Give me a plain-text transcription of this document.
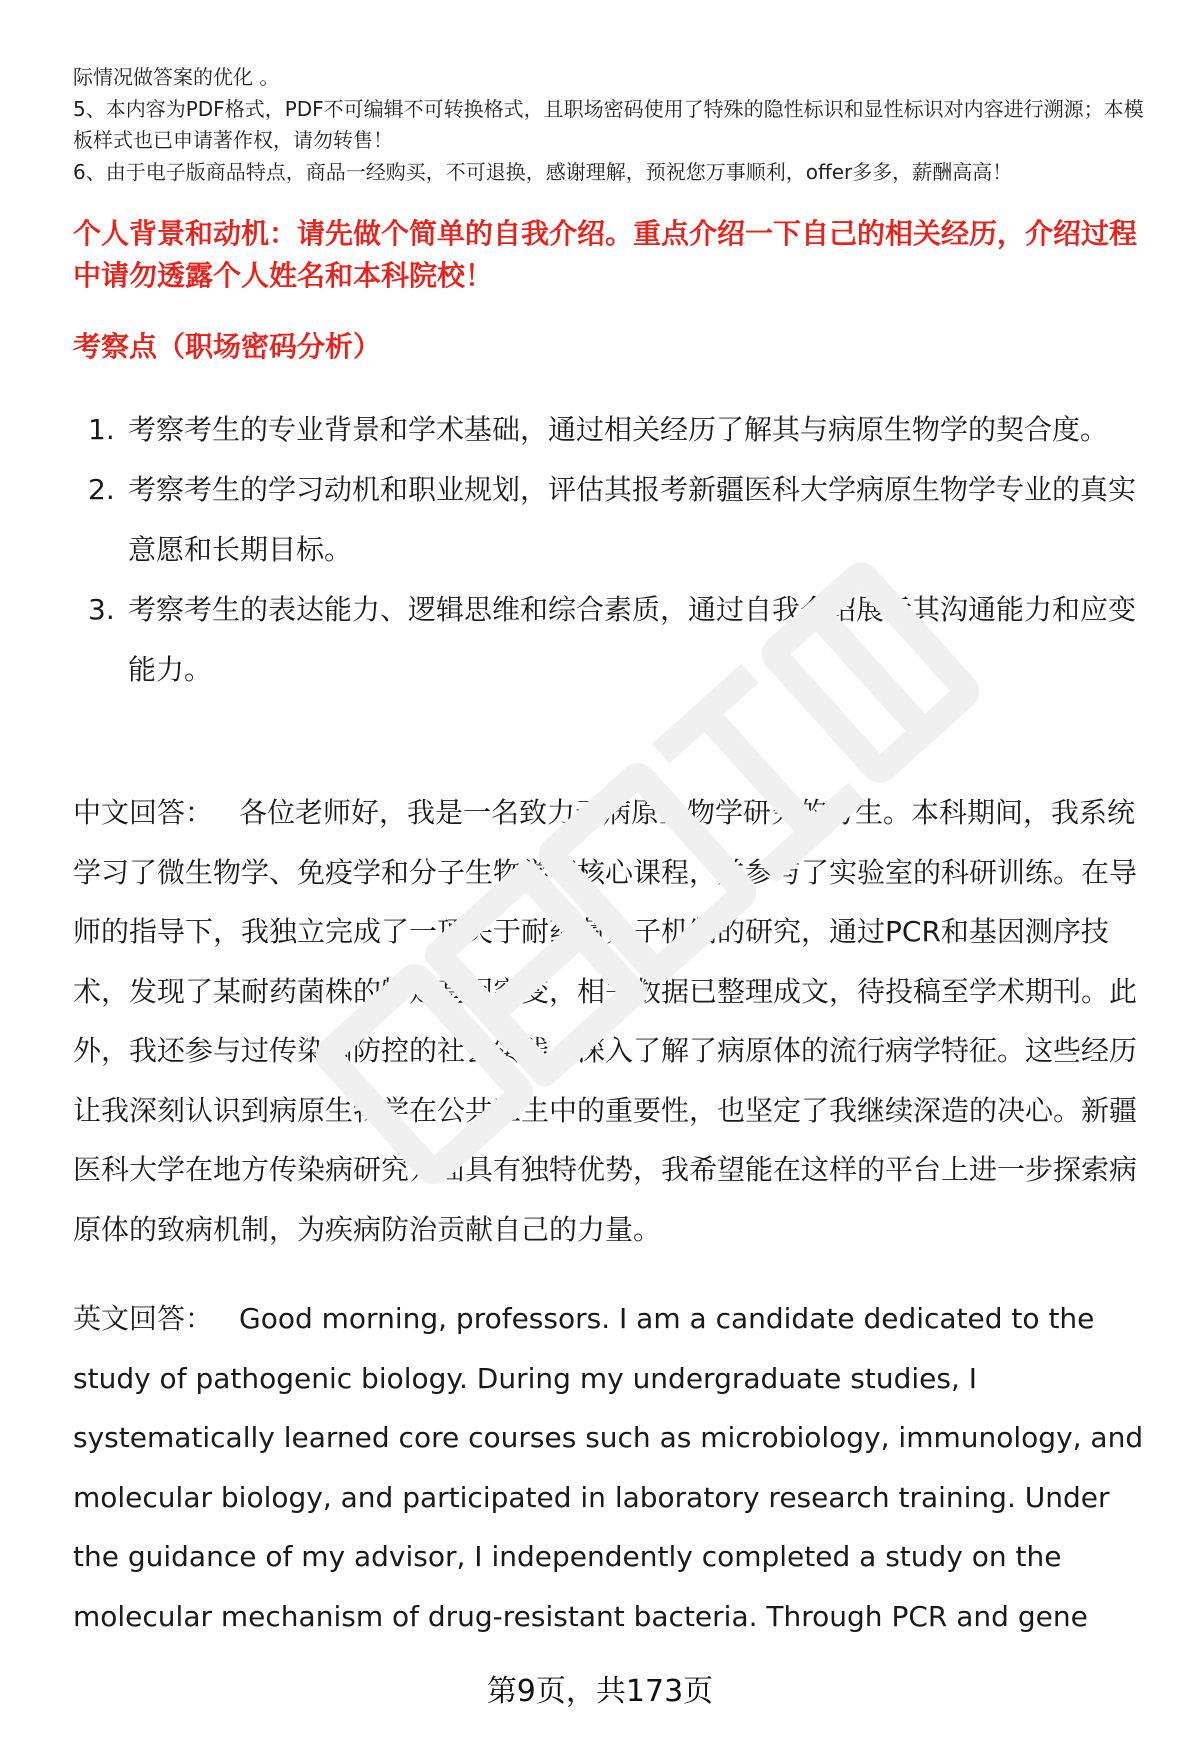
际情况做答案的优化 。

5、本内容为PDF格式，PDF不可编辑不可转换格式，且职场密码使用了特殊的隐性标识和显性标识对内容进行溯源；本模板样式也已申请著作权，请勿转售！

6、由于电子版商品特点，商品一经购买，不可退换，感谢理解，预祝您万事顺利，offer多多，薪酬高高！

个人背景和动机：请先做个简单的自我介绍。重点介绍一下自己的相关经历，介绍过程中请勿透露个人姓名和本科院校！
考察点（职场密码分析）
1. 考察考生的专业背景和学术基础，通过相关经历了解其与病原生物学的契合度。
2. 考察考生的学习动机和职业规划，评估其报考新疆医科大学病原生物学专业的真实意愿和长期目标。
3. 考察考生的表达能力、逻辑思维和综合素质，通过自我介绍展示其沟通能力和应变能力。

中文回答： 各位老师好，我是一名致力于病原生物学研究的考生。本科期间，我系统学习了微生物学、免疫学和分子生物学等核心课程，并参与了实验室的科研训练。在导师的指导下，我独立完成了一项关于耐药菌分子机制的研究，通过PCR和基因测序技术，发现了某耐药菌株的特定基因突变，相关数据已整理成文，待投稿至学术期刊。此外，我还参与过传染病防控的社会实践，深入了解了病原体的流行病学特征。这些经历让我深刻认识到病原生物学在公共卫生中的重要性，也坚定了我继续深造的决心。新疆医科大学在地方传染病研究方面具有独特优势，我希望能在这样的平台上进一步探索病原体的致病机制，为疾病防治贡献自己的力量。

英文回答： Good morning, professors. I am a candidate dedicated to the study of pathogenic biology. During my undergraduate studies, I systematically learned core courses such as microbiology, immunology, and molecular biology, and participated in laboratory research training. Under the guidance of my advisor, I independently completed a study on the molecular mechanism of drug-resistant bacteria. Through PCR and gene

第9页，共173页
